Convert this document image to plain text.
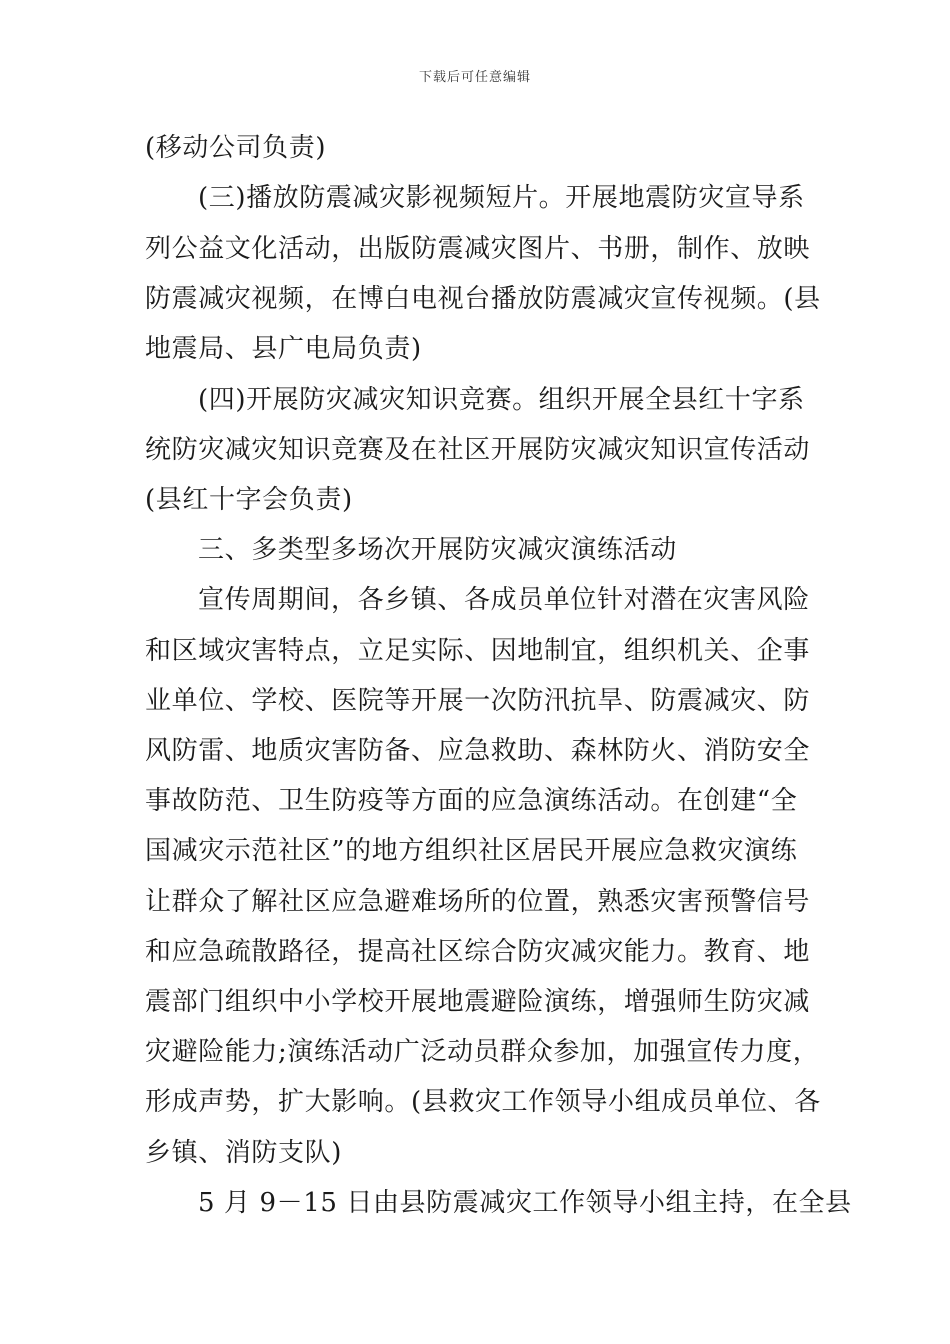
下载后可任意编辑
(移动公司负责)
(三)播放防震减灾影视频短片。开展地震防灾宣导系
列公益文化活动，出版防震减灾图片、书册，制作、放映
防震减灾视频，在博白电视台播放防震减灾宣传视频。(县
地震局、县广电局负责)
(四)开展防灾减灾知识竞赛。组织开展全县红十字系
统防灾减灾知识竞赛及在社区开展防灾减灾知识宣传活动
(县红十字会负责)
三、多类型多场次开展防灾减灾演练活动
宣传周期间，各乡镇、各成员单位针对潜在灾害风险
和区域灾害特点，立足实际、因地制宜，组织机关、企事
业单位、学校、医院等开展一次防汛抗旱、防震减灾、防
风防雷、地质灾害防备、应急救助、森林防火、消防安全
事故防范、卫生防疫等方面的应急演练活动。在创建“全
国减灾示范社区”的地方组织社区居民开展应急救灾演练
让群众了解社区应急避难场所的位置，熟悉灾害预警信号
和应急疏散路径，提高社区综合防灾减灾能力。教育、地
震部门组织中小学校开展地震避险演练，增强师生防灾减
灾避险能力;演练活动广泛动员群众参加，加强宣传力度，
形成声势，扩大影响。(县救灾工作领导小组成员单位、各
乡镇、消防支队)
5 月 9－15 日由县防震减灾工作领导小组主持，在全县
